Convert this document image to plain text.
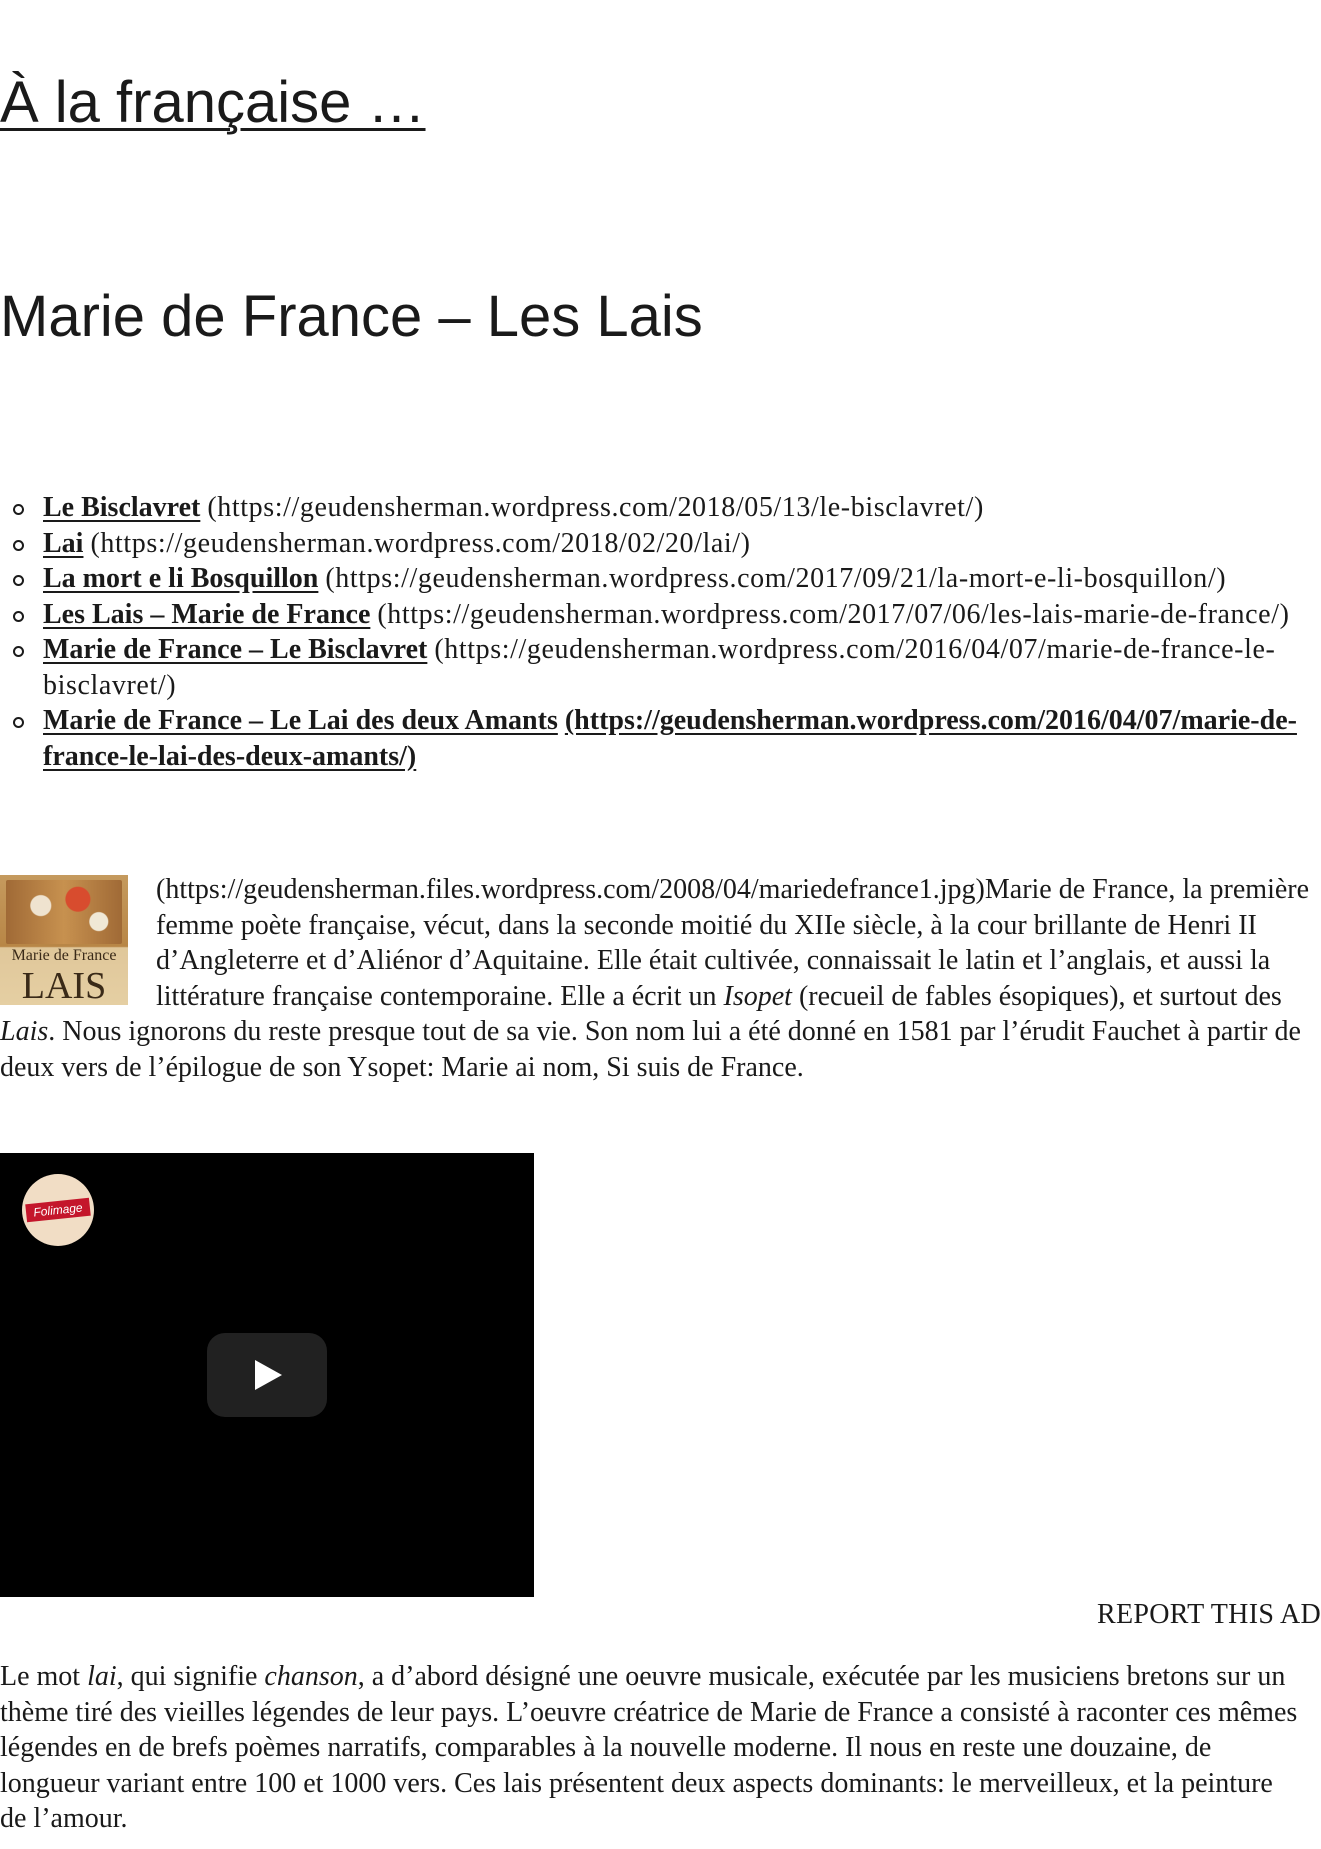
À la française …
Marie de France – Les Lais
Le Bisclavret (https://geudensherman.wordpress.com/2018/05/13/le-bisclavret/)
Lai (https://geudensherman.wordpress.com/2018/02/20/lai/)
La mort e li Bosquillon (https://geudensherman.wordpress.com/2017/09/21/la-mort-e-li-bosquillon/)
Les Lais – Marie de France (https://geudensherman.wordpress.com/2017/07/06/les-lais-marie-de-france/)
Marie de France – Le Bisclavret (https://geudensherman.wordpress.com/2016/04/07/marie-de-france-le-bisclavret/)
Marie de France – Le Lai des deux Amants (https://geudensherman.wordpress.com/2016/04/07/marie-de-france-le-lai-des-deux-amants/)

Marie de France
LAIS
(https://geudensherman.files.wordpress.com/2008/04/mariedefrance1.jpg)Marie de France, la première femme poète française, vécut, dans la seconde moitié du XIIe siècle, à la cour brillante de Henri II d’Angleterre et d’Aliénor d’Aquitaine. Elle était cultivée, connaissait le latin et l’anglais, et aussi la littérature française contemporaine. Elle a écrit un Isopet (recueil de fables ésopiques), et surtout des Lais. Nous ignorons du reste presque tout de sa vie. Son nom lui a été donné en 1581 par l’érudit Fauchet à partir de deux vers de l’épilogue de son Ysopet: Marie ai nom, Si suis de France.

Folimage

REPORT THIS AD

Le mot lai, qui signifie chanson, a d’abord désigné une oeuvre musicale, exécutée par les musiciens bretons sur un thème tiré des vieilles légendes de leur pays. L’oeuvre créatrice de Marie de France a consisté à raconter ces mêmes légendes en de brefs poèmes narratifs, comparables à la nouvelle moderne. Il nous en reste une douzaine, de longueur variant entre 100 et 1000 vers. Ces lais présentent deux aspects dominants: le merveilleux, et la peinture de l’amour.
